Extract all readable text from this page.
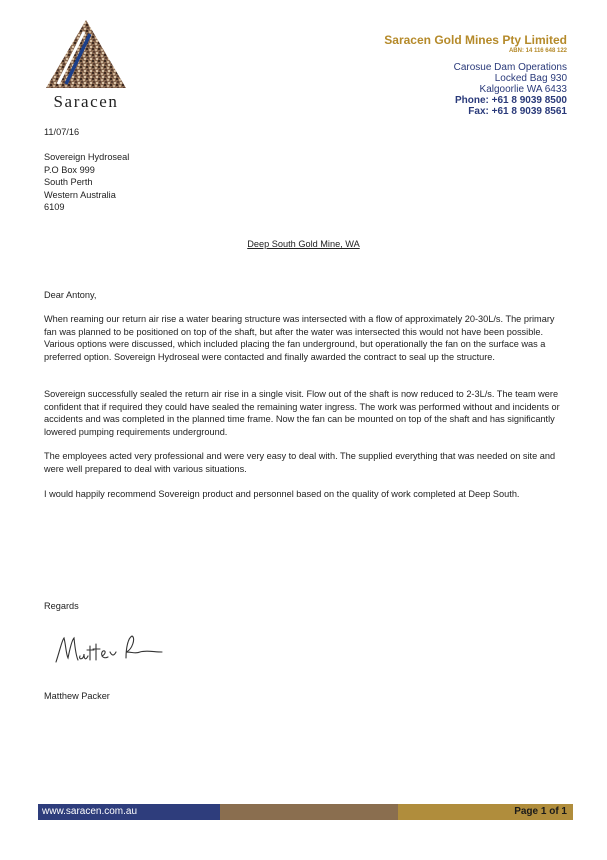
Saracen
Saracen Gold Mines Pty Limited
ABN: 14 116 648 122
Carosue Dam Operations
Locked Bag 930
Kalgoorlie WA 6433
Phone: +61 8 9039 8500
Fax: +61 8 9039 8561
11/07/16
Sovereign Hydroseal
P.O Box 999
South Perth
Western Australia
6109
Deep South Gold Mine, WA
Dear Antony,
When reaming our return air rise a water bearing structure was intersected with a flow of approximately 20-30L/s. The primary fan was planned to be positioned on top of the shaft, but after the water was intersected this would not have been possible. Various options were discussed, which included placing the fan underground, but operationally the fan on the surface was a preferred option. Sovereign Hydroseal were contacted and finally awarded the contract to seal up the structure.
Sovereign successfully sealed the return air rise in a single visit. Flow out of the shaft is now reduced to 2-3L/s. The team were confident that if required they could have sealed the remaining water ingress. The work was performed without and incidents or accidents and was completed in the planned time frame. Now the fan can be mounted on top of the shaft and has significantly lowered pumping requirements underground.
The employees acted very professional and were very easy to deal with. The supplied everything that was needed on site and were well prepared to deal with various situations.
I would happily recommend Sovereign product and personnel based on the quality of work completed at Deep South.
Regards
Matthew Packer
www.saracen.com.au	Page 1 of 1
